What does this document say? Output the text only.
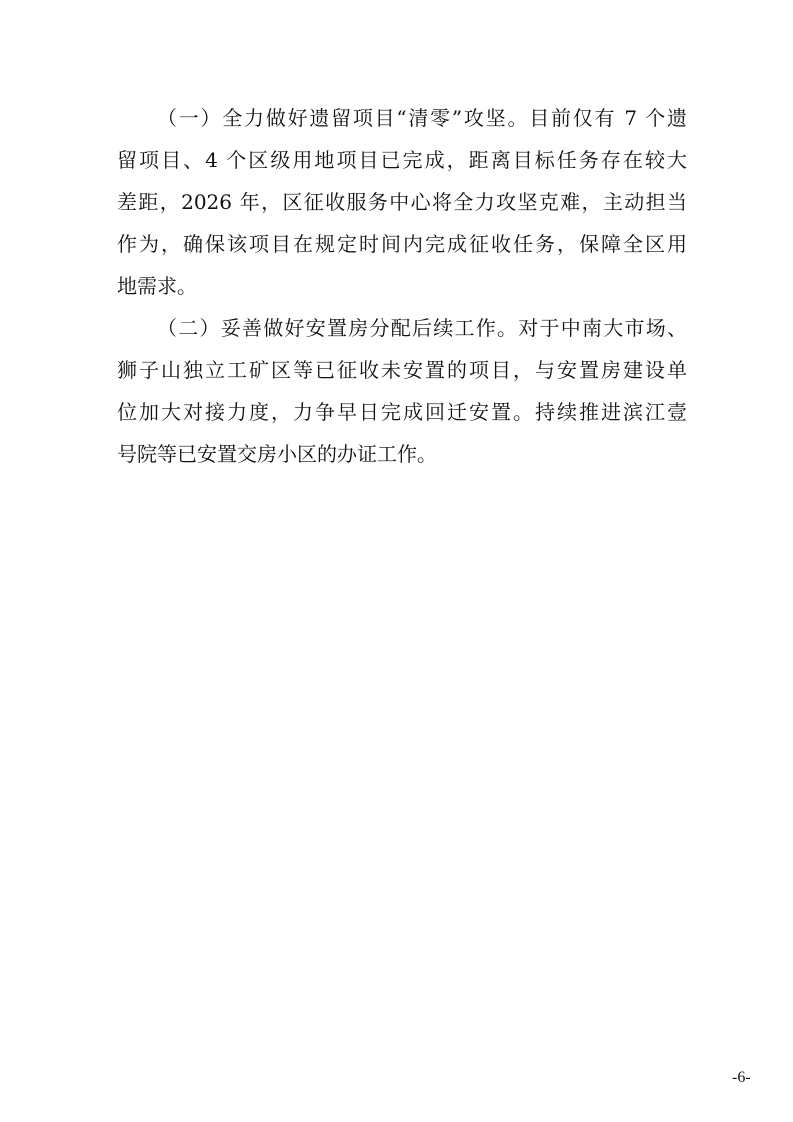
（一）全力做好遗留项目“清零”攻坚。目前仅有 7 个遗
留项目、4 个区级用地项目已完成，距离目标任务存在较大
差距，2026 年，区征收服务中心将全力攻坚克难，主动担当
作为，确保该项目在规定时间内完成征收任务，保障全区用
地需求。
（二）妥善做好安置房分配后续工作。对于中南大市场、
狮子山独立工矿区等已征收未安置的项目，与安置房建设单
位加大对接力度，力争早日完成回迁安置。持续推进滨江壹
号院等已安置交房小区的办证工作。
-6-
